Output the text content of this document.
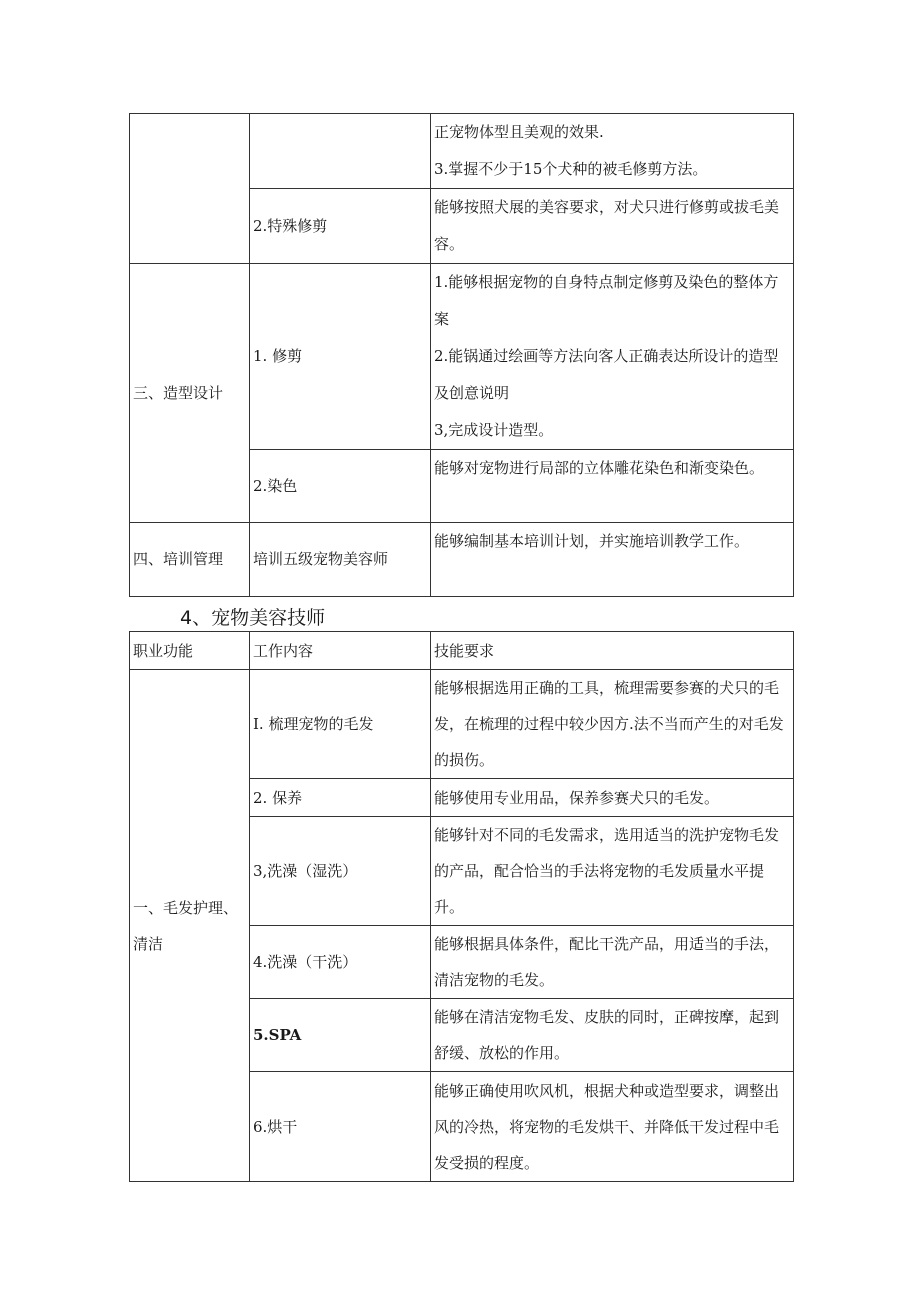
		正宠物体型且美观的效果.
3.掌握不少于15个犬种的被毛修剪方法。

	2.特殊修剪	能够按照犬展的美容要求，对犬只进行修剪或拔毛美容。
三、造型设计	1. 修剪	1.能够根据宠物的自身特点制定修剪及染色的整体方案
2.能锅通过绘画等方法向客人正确表达所设计的造型及创意说明
3,完成设计造型。

	2.染色	能够对宠物进行局部的立体雕花染色和渐变染色。
四、培训管理	培训五级宠物美容师	能够编制基本培训计划，并实施培训教学工作。
4、宠物美容技师
职业功能	工作内容	技能要求
一、毛发护理、清洁	I. 梳理宠物的毛发	能够根据选用正确的工具，梳理需要参赛的犬只的毛发，在梳理的过程中较少因方.法不当而产生的对毛发的损伤。
	2. 保养	能够使用专业用品，保养参赛犬只的毛发。
	3,洗澡（湿洗）	能够针对不同的毛发需求，选用适当的洗护宠物毛发的产品，配合恰当的手法将宠物的毛发质量水平提升。
	4.洗澡（干洗）	能够根据具体条件，配比干洗产品，用适当的手法，清洁宠物的毛发。
	5.SPA	能够在清洁宠物毛发、皮肤的同时，正碑按摩，起到舒缓、放松的作用。
	6.烘干	能够正确使用吹风机，根据犬种或造型要求，调整出风的冷热，将宠物的毛发烘干、并降低干发过程中毛发受损的程度。
